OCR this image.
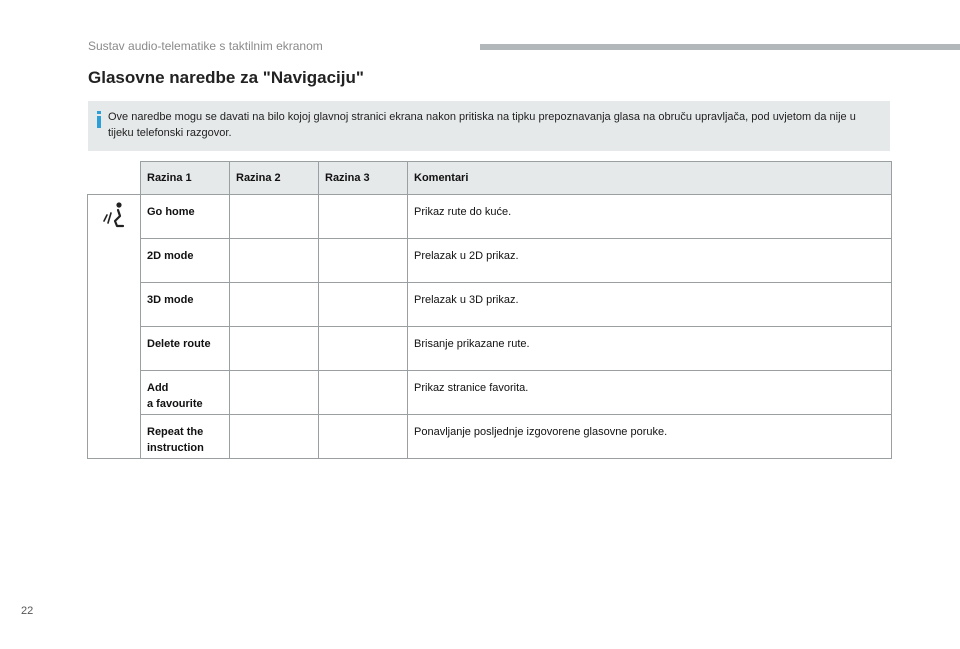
Sustav audio-telematike s taktilnim ekranom
Glasovne naredbe za "Navigaciju"
Ove naredbe mogu se davati na bilo kojoj glavnoj stranici ekrana nakon pritiska na tipku prepoznavanja glasa na obruču upravljača, pod uvjetom da nije u tijeku telefonski razgovor.
	Razina 1	Razina 2	Razina 3	Komentari
	Go home			Prikaz rute do kuće.
	2D mode			Prelazak u 2D prikaz.
	3D mode			Prelazak u 3D prikaz.
	Delete route			Brisanje prikazane rute.
	Add
a favourite			Prikaz stranice favorita.
	Repeat the
instruction			Ponavljanje posljednje izgovorene glasovne poruke.
22
